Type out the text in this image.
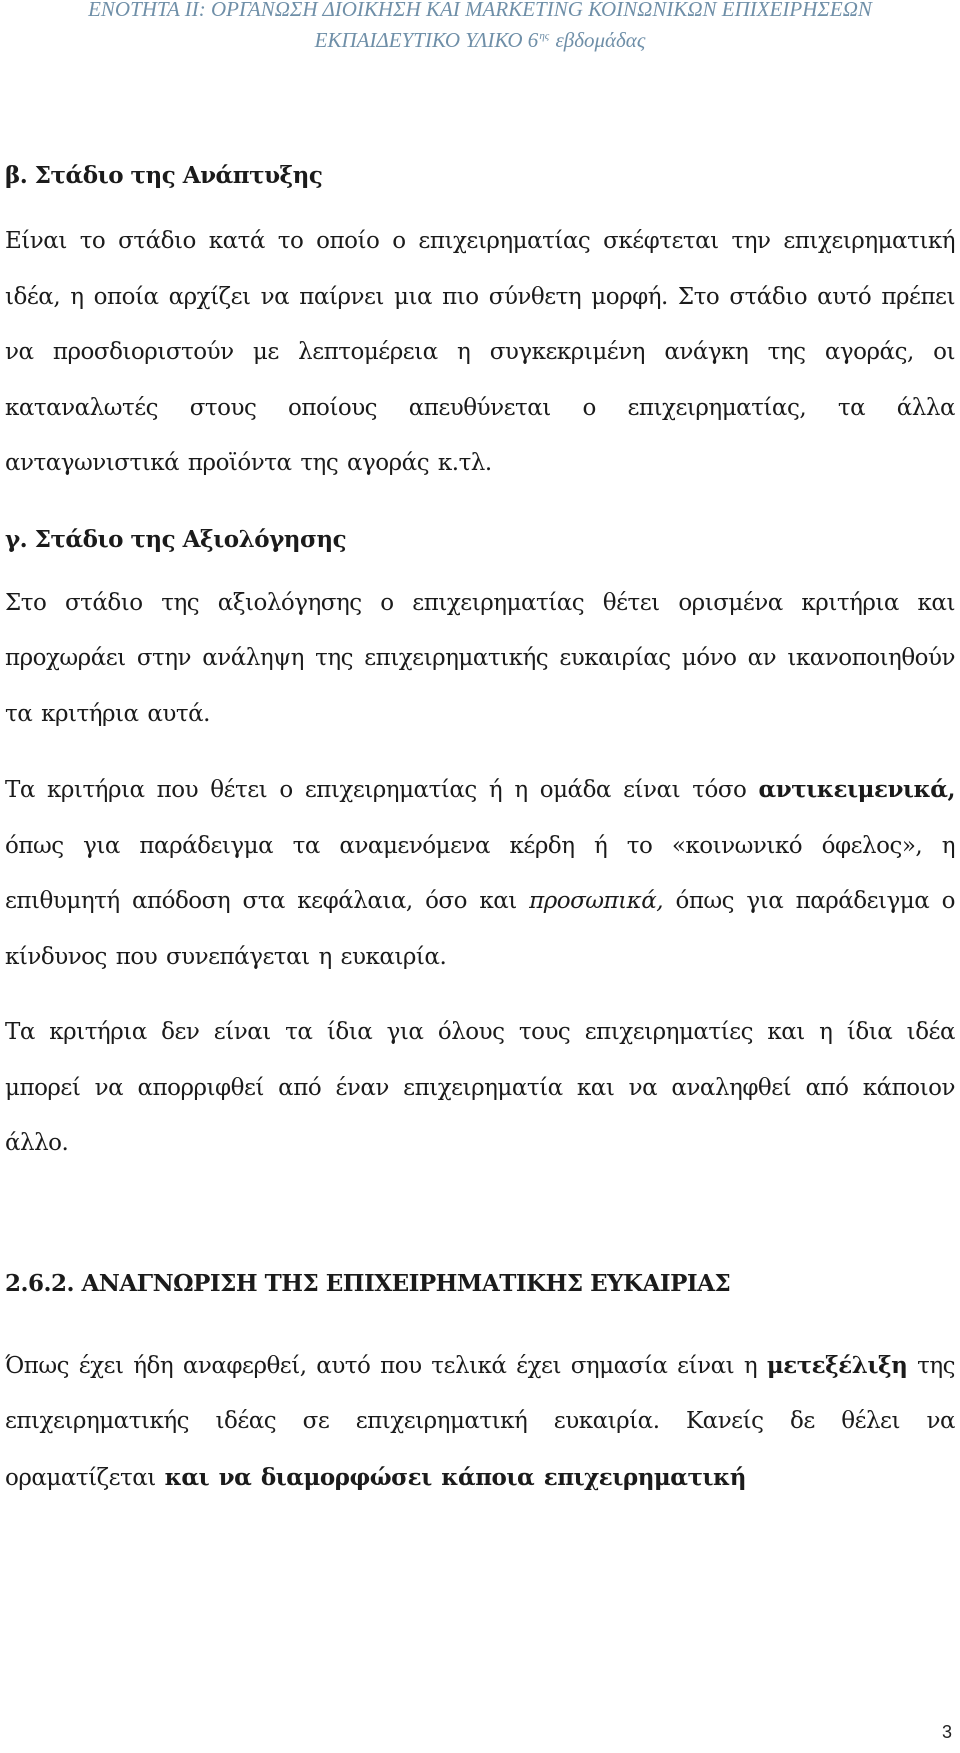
ΕΝΟΤΗΤΑ ΙΙ: ΟΡΓΑΝΩΣΗ ΔΙΟΙΚΗΣΗ ΚΑΙ MARKETING ΚΟΙΝΩΝΙΚΩΝ ΕΠΙΧΕΙΡΗΣΕΩΝ
ΕΚΠΑΙΔΕΥΤΙΚΟ ΥΛΙΚΟ $6^{\eta\varsigma}$ εβδομάδας
β. Στάδιο της Ανάπτυξης

Είναι το στάδιο κατά το οποίο ο επιχειρηματίας σκέφτεται την επιχειρηματική ιδέα, η οποία αρχίζει να παίρνει μια πιο σύνθετη μορφή. Στο στάδιο αυτό πρέπει να προσδιοριστούν με λεπτομέρεια η συγκεκριμένη ανάγκη της αγοράς, οι καταναλωτές στους οποίους απευθύνεται ο επιχειρηματίας, τα άλλα ανταγωνιστικά προϊόντα της αγοράς κ.τλ.

γ. Στάδιο της Αξιολόγησης

Στο στάδιο της αξιολόγησης ο επιχειρηματίας θέτει ορισμένα κριτήρια και προχωράει στην ανάληψη της επιχειρηματικής ευκαιρίας μόνο αν ικανοποιηθούν τα κριτήρια αυτά.

Τα κριτήρια που θέτει ο επιχειρηματίας ή η ομάδα είναι τόσο αντικειμενικά, όπως για παράδειγμα τα αναμενόμενα κέρδη ή το «κοινωνικό όφελος», η επιθυμητή απόδοση στα κεφάλαια, όσο και προσωπικά, όπως για παράδειγμα ο κίνδυνος που συνεπάγεται η ευκαιρία.

Τα κριτήρια δεν είναι τα ίδια για όλους τους επιχειρηματίες και η ίδια ιδέα μπορεί να απορριφθεί από έναν επιχειρηματία και να αναληφθεί από κάποιον άλλο.

2.6.2. ΑΝΑΓΝΩΡΙΣΗ ΤΗΣ ΕΠΙΧΕΙΡΗΜΑΤΙΚΗΣ ΕΥΚΑΙΡΙΑΣ

Όπως έχει ήδη αναφερθεί, αυτό που τελικά έχει σημασία είναι η μετεξέλιξη της επιχειρηματικής ιδέας σε επιχειρηματική ευκαιρία. Κανείς δε θέλει να οραματίζεται και να διαμορφώσει κάποια επιχειρηματική

3
